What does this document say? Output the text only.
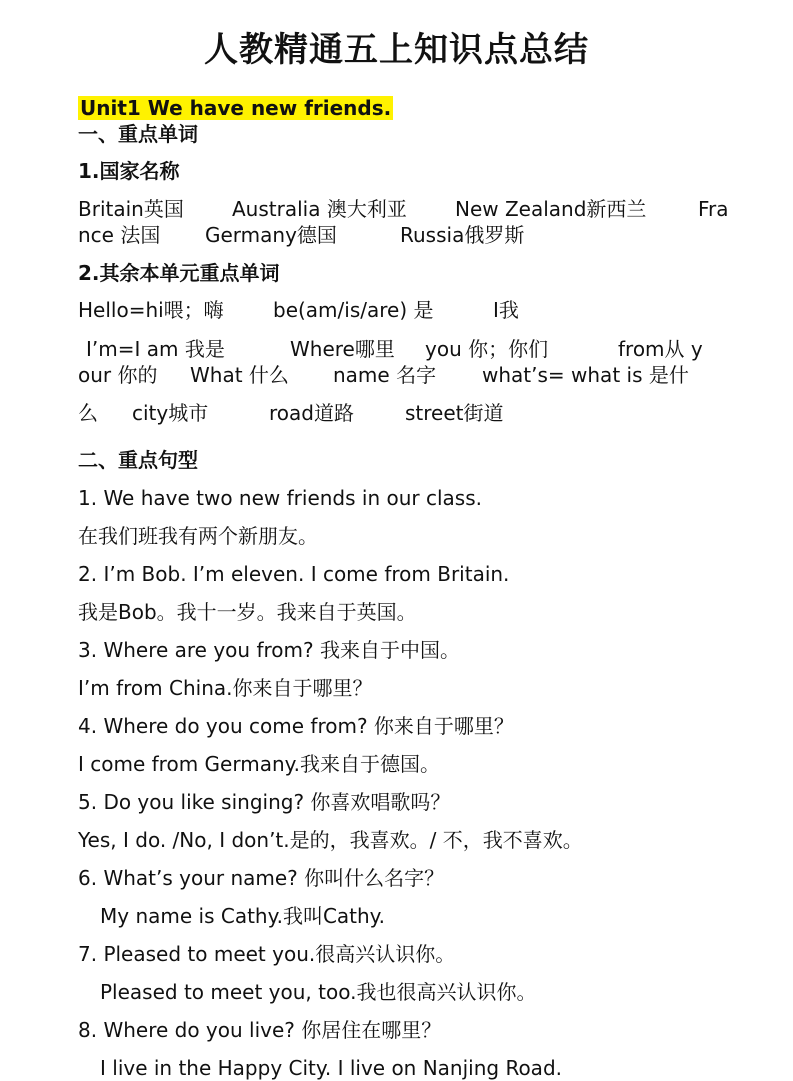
人教精通五上知识点总结
Unit1 We have new friends.
一、重点单词
1.国家名称
Britain英国 Australia 澳大利亚 New Zealand新西兰	Fra
nce 法国 Germany德国	Russia俄罗斯
2.其余本单元重点单词
Hello=hi喂；嗨 be(am/is/are) 是	I我
I’m=I am 我是	Where哪里 you 你；你们	from从 y
our 你的 What 什么 name 名字 what’s= what is 是什
么 city城市	road道路	street街道
二、重点句型
1. We have two new friends in our class.
在我们班我有两个新朋友。
2. I’m Bob. I’m eleven. I come from Britain.
我是Bob。我十一岁。我来自于英国。
3. Where are you from? 我来自于中国。
I’m from China.你来自于哪里？
4. Where do you come from? 你来自于哪里？
I come from Germany.我来自于德国。
5. Do you like singing? 你喜欢唱歌吗？
Yes, I do. /No, I don’t.是的，我喜欢。/ 不，我不喜欢。
6. What’s your name? 你叫什么名字？
My name is Cathy.我叫Cathy.
7. Pleased to meet you.很高兴认识你。
Pleased to meet you, too.我也很高兴认识你。
8. Where do you live? 你居住在哪里？
I live in the Happy City. I live on Nanjing Road.
